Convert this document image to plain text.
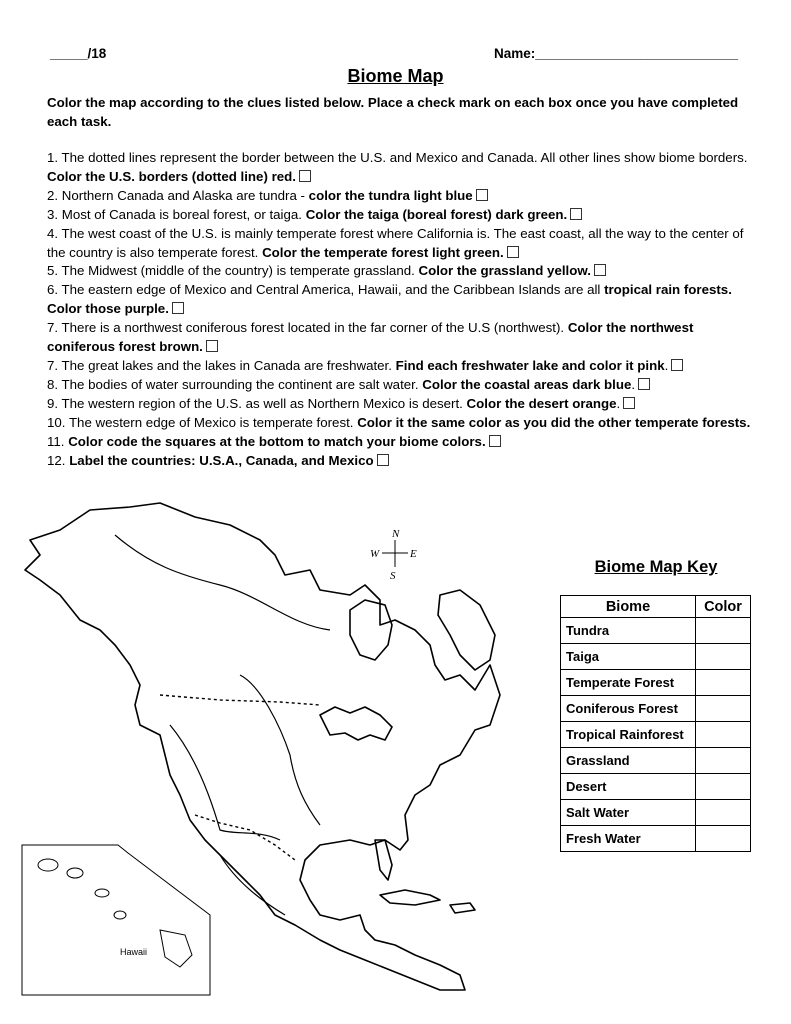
_____/18	Name:___________________________
Biome Map
Color the map according to the clues listed below. Place a check mark on each box once you have completed each task.

1. The dotted lines represent the border between the U.S. and Mexico and Canada. All other lines show biome borders. Color the U.S. borders (dotted line) red.

2. Northern Canada and Alaska are tundra - color the tundra light blue

3. Most of Canada is boreal forest, or taiga. Color the taiga (boreal forest) dark green.

4. The west coast of the U.S. is mainly temperate forest where California is. The east coast, all the way to the center of the country is also temperate forest. Color the temperate forest light green.

5. The Midwest (middle of the country) is temperate grassland. Color the grassland yellow.

6. The eastern edge of Mexico and Central America, Hawaii, and the Caribbean Islands are all tropical rain forests. Color those purple.

7. There is a northwest coniferous forest located in the far corner of the U.S (northwest). Color the northwest coniferous forest brown.

7. The great lakes and the lakes in Canada are freshwater. Find each freshwater lake and color it pink.

8. The bodies of water surrounding the continent are salt water. Color the coastal areas dark blue.

9. The western region of the U.S. as well as Northern Mexico is desert. Color the desert orange.

10. The western edge of Mexico is temperate forest. Color it the same color as you did the other temperate forests.

11. Color code the squares at the bottom to match your biome colors.

12. Label the countries: U.S.A., Canada, and Mexico

N
S
W	E
Hawaii
Biome Map Key
Biome	Color
Tundra	
Taiga	
Temperate Forest	
Coniferous Forest	
Tropical Rainforest	
Grassland	
Desert	
Salt Water	
Fresh Water	
